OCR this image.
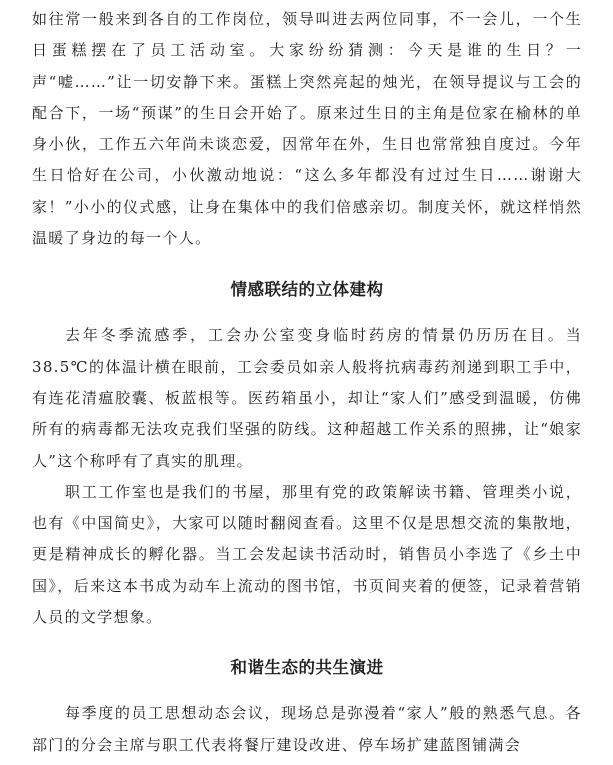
如往常一般来到各自的工作岗位，领导叫进去两位同事，不一会儿，一个生日蛋糕摆在了员工活动室。大家纷纷猜测：今天是谁的生日？一声“嘘……”让一切安静下来。蛋糕上突然亮起的烛光，在领导提议与工会的配合下，一场“预谋”的生日会开始了。原来过生日的主角是位家在榆林的单身小伙，工作五六年尚未谈恋爱，因常年在外，生日也常常独自度过。今年生日恰好在公司，小伙激动地说：“这么多年都没有过过生日……谢谢大家！”小小的仪式感，让身在集体中的我们倍感亲切。制度关怀，就这样悄然温暖了身边的每一个人。

情感联结的立体建构

去年冬季流感季，工会办公室变身临时药房的情景仍历历在目。当38.5℃的体温计横在眼前，工会委员如亲人般将抗病毒药剂递到职工手中，有连花清瘟胶囊、板蓝根等。医药箱虽小，却让“家人们”感受到温暖，仿佛所有的病毒都无法攻克我们坚强的防线。这种超越工作关系的照拂，让“娘家人”这个称呼有了真实的肌理。

职工工作室也是我们的书屋，那里有党的政策解读书籍、管理类小说，也有《中国简史》，大家可以随时翻阅查看。这里不仅是思想交流的集散地，更是精神成长的孵化器。当工会发起读书活动时，销售员小李选了《乡土中国》，后来这本书成为动车上流动的图书馆，书页间夹着的便签，记录着营销人员的文学想象。

和谐生态的共生演进

每季度的员工思想动态会议，现场总是弥漫着“家人”般的熟悉气息。各部门的分会主席与职工代表将餐厅建设改进、停车场扩建蓝图铺满会
